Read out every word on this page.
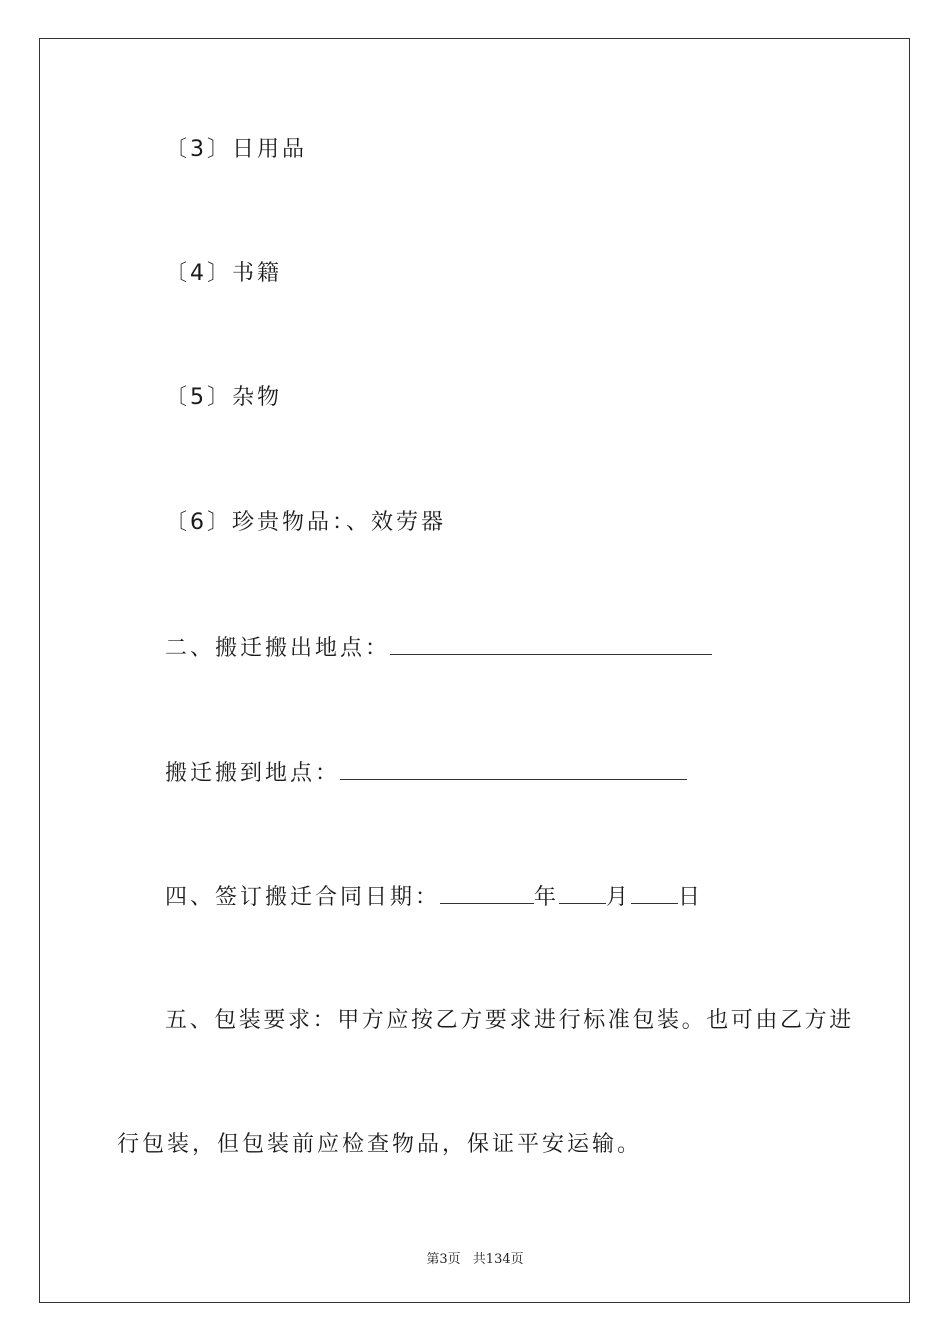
〔3〕日用品
〔4〕书籍
〔5〕杂物
〔6〕珍贵物品：、效劳器
二、搬迁搬出地点：
搬迁搬到地点：
四、签订搬迁合同日期：	年 月 日
五、包装要求：甲方应按乙方要求进行标准包装。也可由乙方进
行包装，但包装前应检查物品，保证平安运输。
第3页 共134页
